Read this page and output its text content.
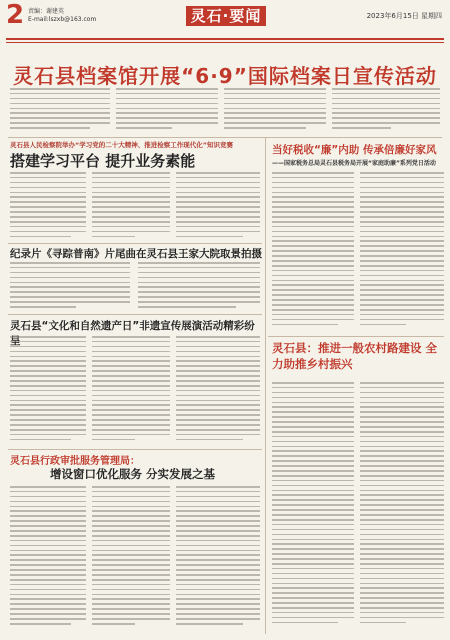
2 责编：谢建英
E-mail:lszxb@163.com	灵石·要闻	2023年6月15日 星期四
灵石县档案馆开展“6·9”国际档案日宣传活动
灵石县人民检察院举办“学习党的二十大精神、推进检察工作现代化”知识竞赛
搭建学习平台 提升业务素能
纪录片《寻踪普南》片尾曲在灵石县王家大院取景拍摄
灵石县“文化和自然遗产日”非遗宣传展演活动精彩纷呈
灵石县行政审批服务管理局：
增设窗口优化服务 分实发展之基
当好税收“廉”内助 传承倍廉好家风
——国家税务总局灵石县税务局开展“家庭助廉”系列党日活动
灵石县：推进一般农村路建设 全力助推乡村振兴
